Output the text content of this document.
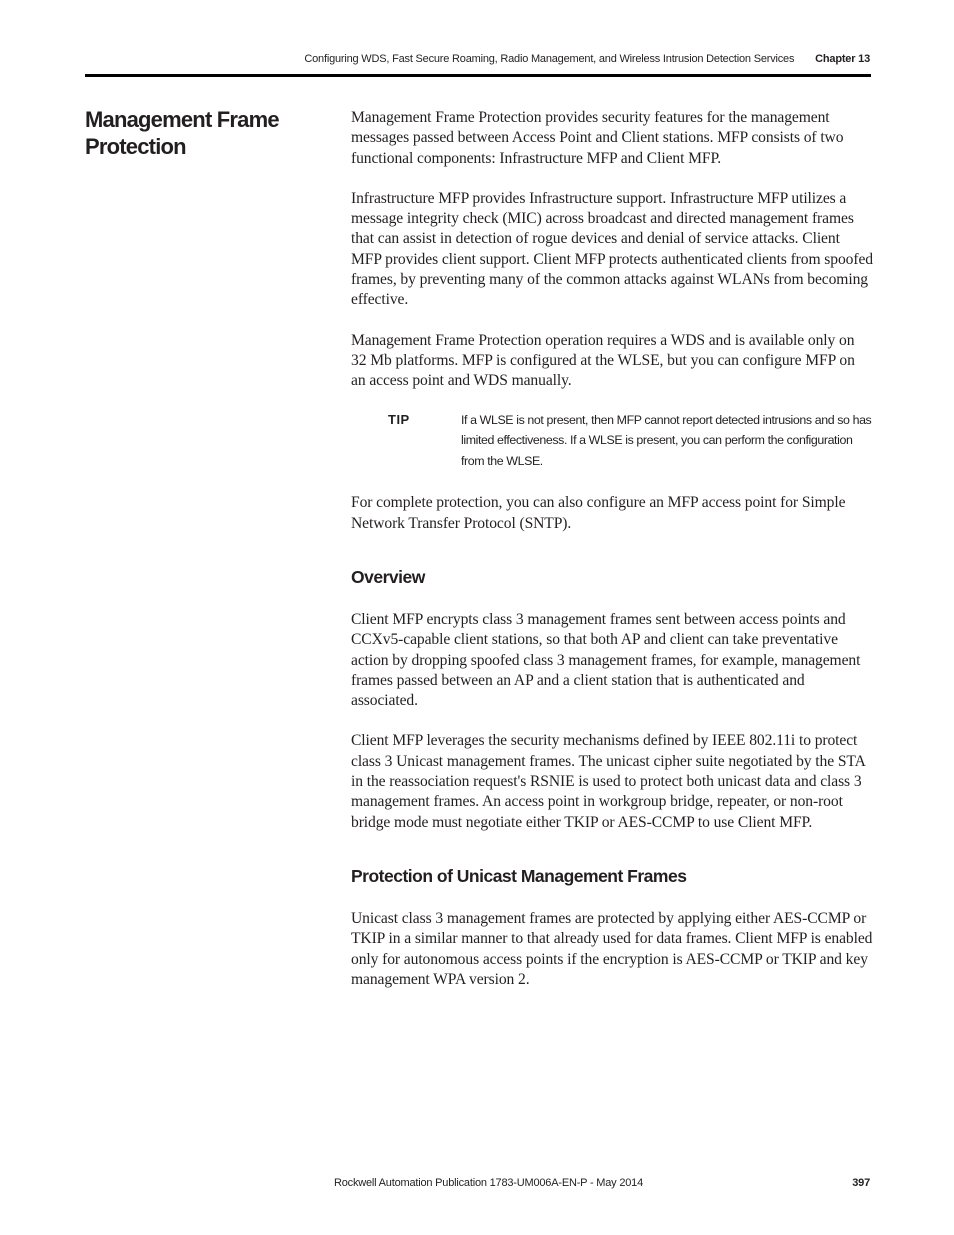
Configuring WDS, Fast Secure Roaming, Radio Management, and Wireless Intrusion Detection Services Chapter 13
Management Frame Protection

Management Frame Protection provides security features for the management messages passed between Access Point and Client stations. MFP consists of two functional components: Infrastructure MFP and Client MFP.

Infrastructure MFP provides Infrastructure support. Infrastructure MFP utilizes a message integrity check (MIC) across broadcast and directed management frames that can assist in detection of rogue devices and denial of service attacks. Client MFP provides client support. Client MFP protects authenticated clients from spoofed frames, by preventing many of the common attacks against WLANs from becoming effective.

Management Frame Protection operation requires a WDS and is available only on 32 Mb platforms. MFP is configured at the WLSE, but you can configure MFP on an access point and WDS manually.

TIP	If a WLSE is not present, then MFP cannot report detected intrusions and so has limited effectiveness. If a WLSE is present, you can perform the configuration from the WLSE.

For complete protection, you can also configure an MFP access point for Simple Network Transfer Protocol (SNTP).

Overview

Client MFP encrypts class 3 management frames sent between access points and CCXv5-capable client stations, so that both AP and client can take preventative action by dropping spoofed class 3 management frames, for example, management frames passed between an AP and a client station that is authenticated and associated.

Client MFP leverages the security mechanisms defined by IEEE 802.11i to protect class 3 Unicast management frames. The unicast cipher suite negotiated by the STA in the reassociation request's RSNIE is used to protect both unicast data and class 3 management frames. An access point in workgroup bridge, repeater, or non-root bridge mode must negotiate either TKIP or AES-CCMP to use Client MFP.

Protection of Unicast Management Frames

Unicast class 3 management frames are protected by applying either AES-CCMP or TKIP in a similar manner to that already used for data frames. Client MFP is enabled only for autonomous access points if the encryption is AES-CCMP or TKIP and key management WPA version 2.

Rockwell Automation Publication 1783-UM006A-EN-P - May 2014	397
